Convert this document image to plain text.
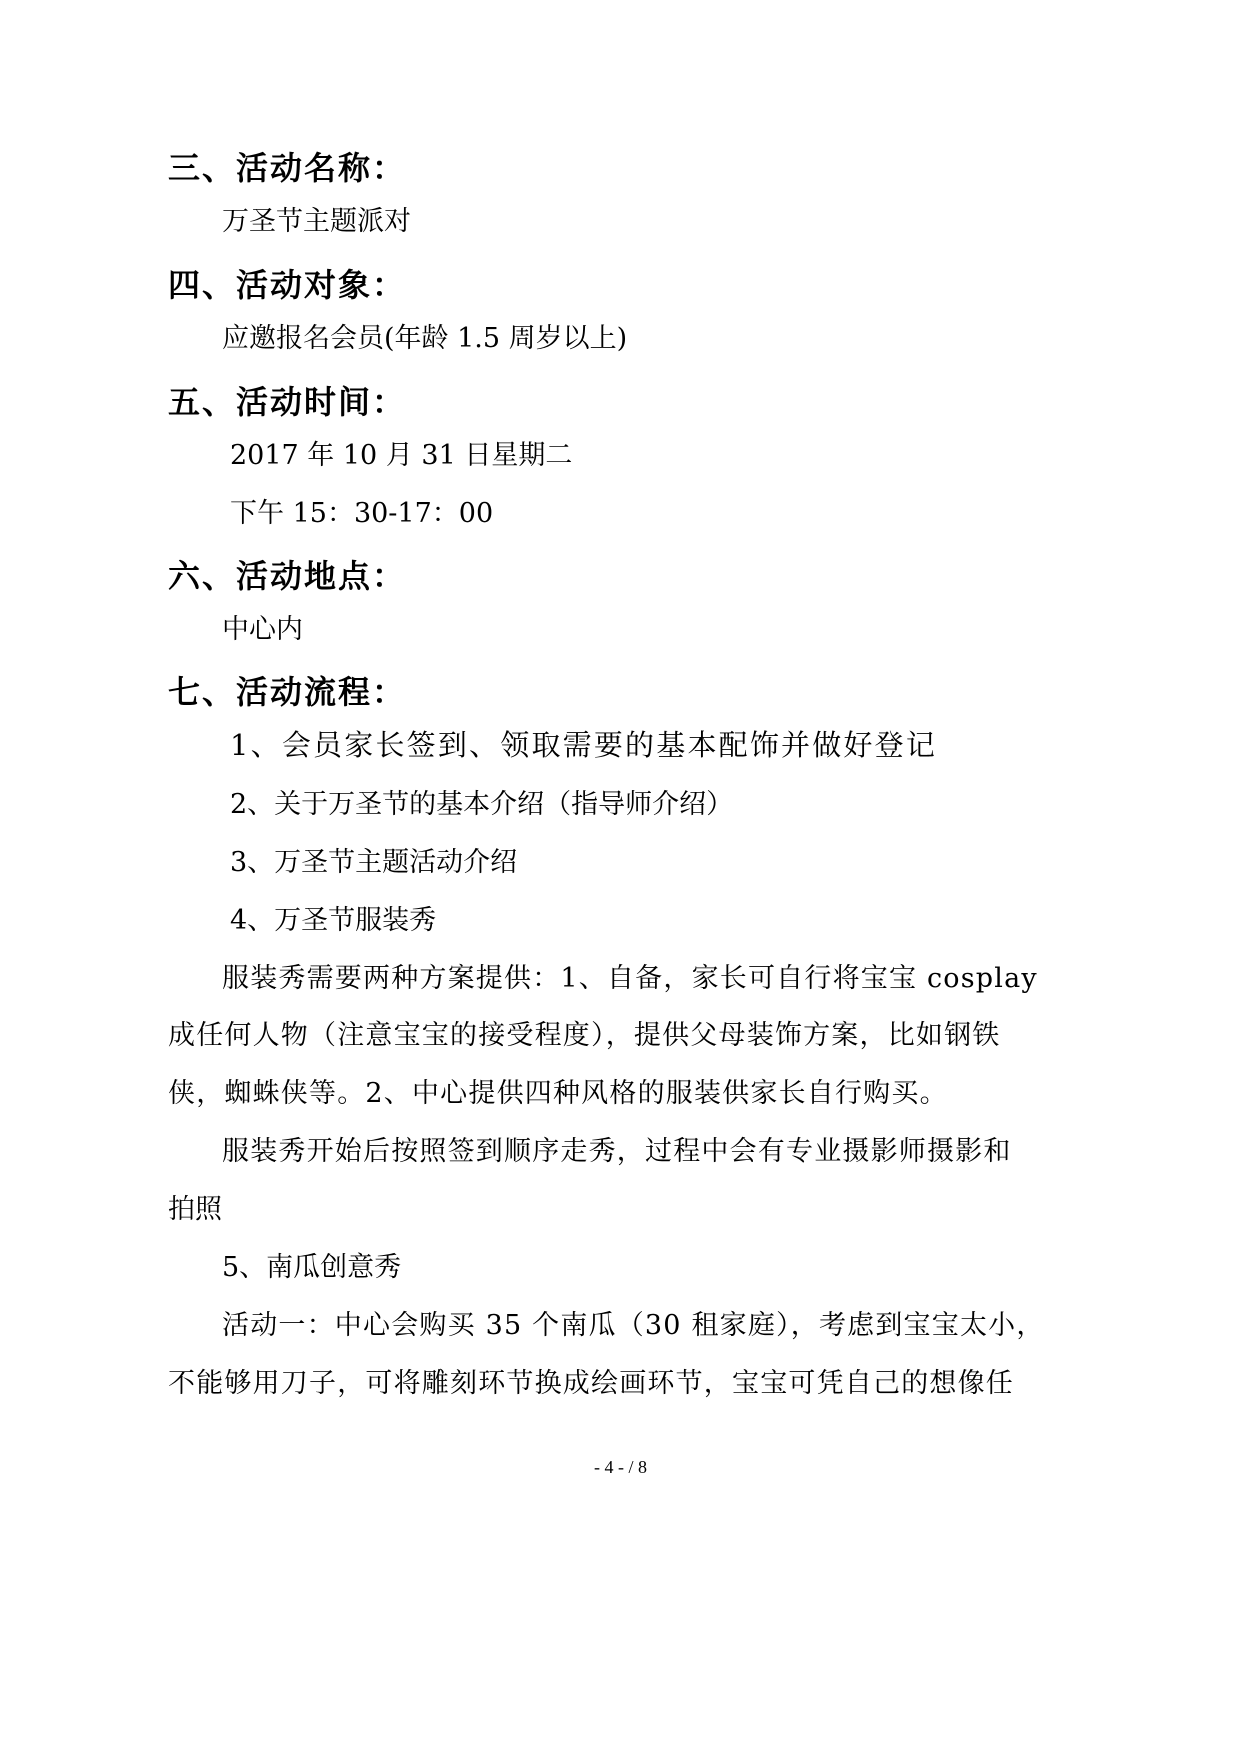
三、活动名称：
万圣节主题派对
四、活动对象：
应邀报名会员(年龄 1.5 周岁以上)
五、活动时间：
2017 年 10 月 31 日星期二
下午 15：30-17：00
六、活动地点：
中心内
七、活动流程：
1、会员家长签到、领取需要的基本配饰并做好登记
2、关于万圣节的基本介绍（指导师介绍）
3、万圣节主题活动介绍
4、万圣节服装秀
服装秀需要两种方案提供：1、自备，家长可自行将宝宝 cosplay
成任何人物（注意宝宝的接受程度），提供父母装饰方案，比如钢铁
侠，蜘蛛侠等。2、中心提供四种风格的服装供家长自行购买。
服装秀开始后按照签到顺序走秀，过程中会有专业摄影师摄影和
拍照
5、南瓜创意秀
活动一：中心会购买 35 个南瓜（30 租家庭），考虑到宝宝太小，
不能够用刀子，可将雕刻环节换成绘画环节，宝宝可凭自己的想像任
- 4 - / 8
